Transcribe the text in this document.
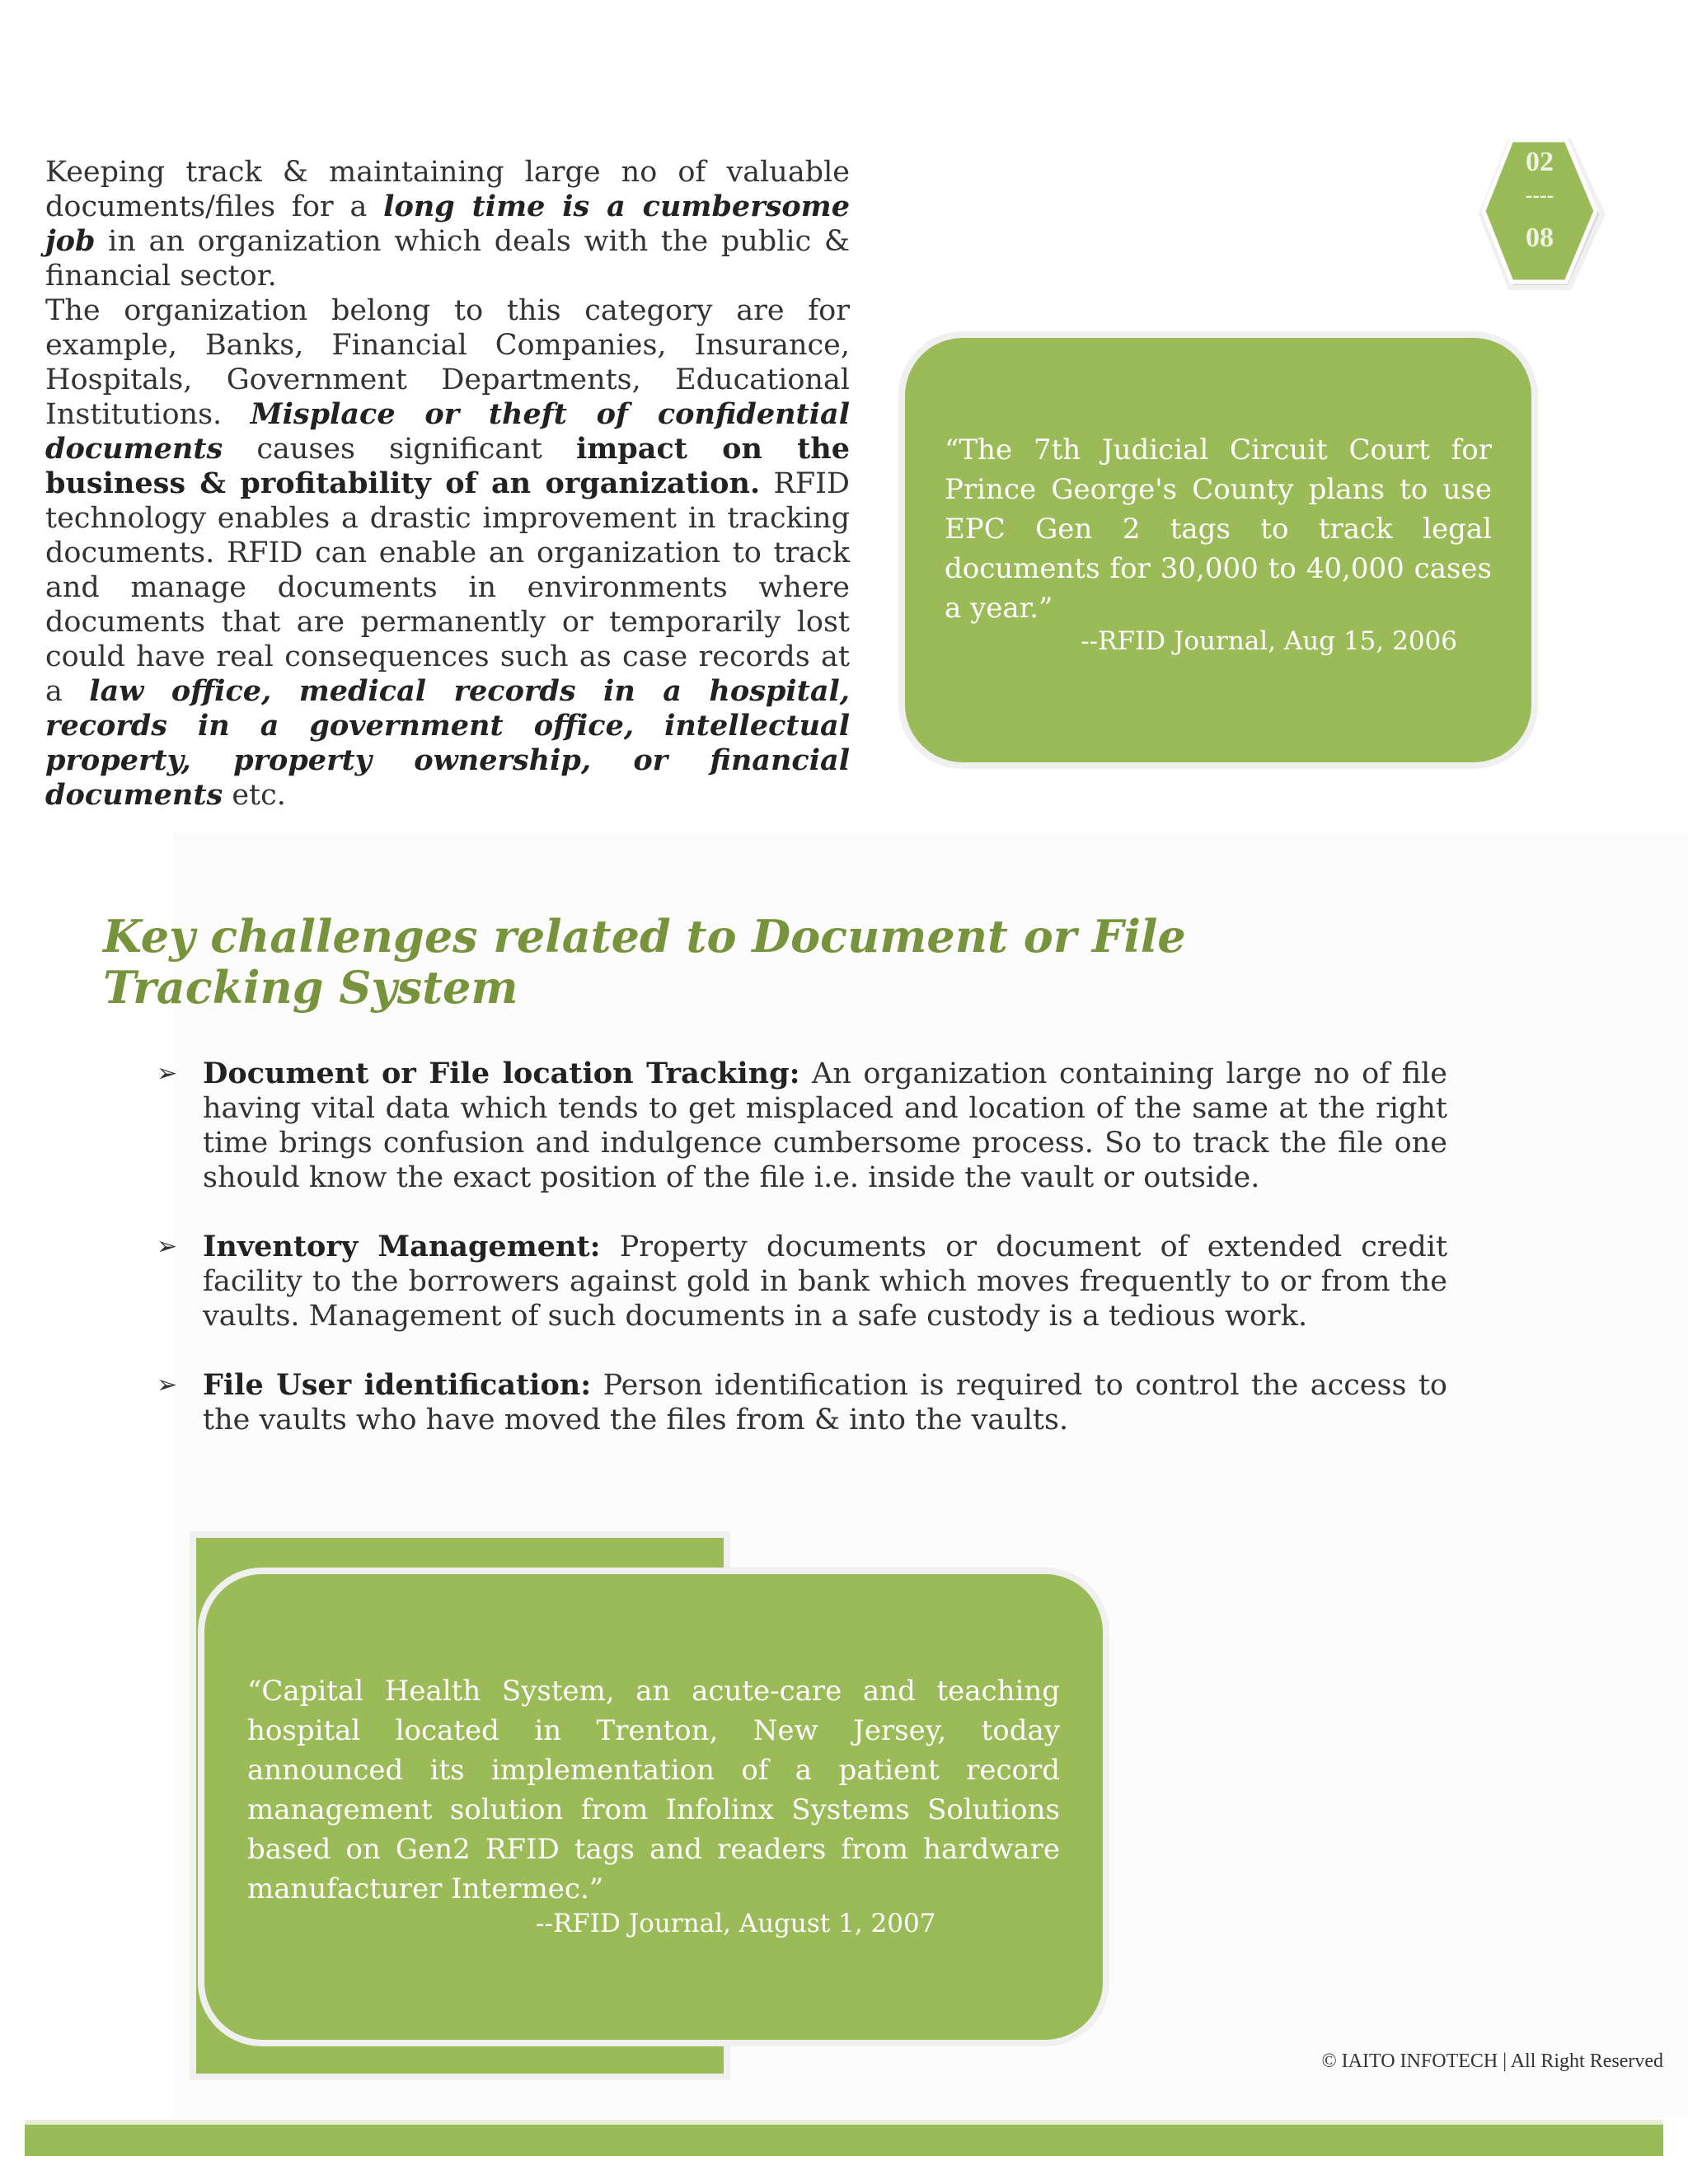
Keeping track & maintaining large no of valuable documents/files for a long time is a cumbersome job in an organization which deals with the public & financial sector.

The organization belong to this category are for example, Banks, Financial Companies, Insurance, Hospitals, Government Departments, Educational Institutions. Misplace or theft of confidential documents causes significant impact on the business & profitability of an organization. RFID technology enables a drastic improvement in tracking documents. RFID can enable an organization to track and manage documents in environments where documents that are permanently or temporarily lost could have real consequences such as case records at a law office, medical records in a hospital, records in a government office, intellectual property, property ownership, or financial documents etc.

02
----
08

“The 7th Judicial Circuit Court for Prince George's County plans to use EPC Gen 2 tags to track legal documents for 30,000 to 40,000 cases a year.”

--RFID Journal, Aug 15, 2006

Key challenges related to Document or File Tracking System
➢ Document or File location Tracking: An organization containing large no of file having vital data which tends to get misplaced and location of the same at the right time brings confusion and indulgence cumbersome process. So to track the file one should know the exact position of the file i.e. inside the vault or outside.
➢ Inventory Management: Property documents or document of extended credit facility to the borrowers against gold in bank which moves frequently to or from the vaults. Management of such documents in a safe custody is a tedious work.
➢ File User identification: Person identification is required to control the access to the vaults who have moved the files from & into the vaults.

“Capital Health System, an acute-care and teaching hospital located in Trenton, New Jersey, today announced its implementation of a patient record management solution from Infolinx Systems Solutions based on Gen2 RFID tags and readers from hardware manufacturer Intermec.”

--RFID Journal, August 1, 2007

© IAITO INFOTECH | All Right Reserved
